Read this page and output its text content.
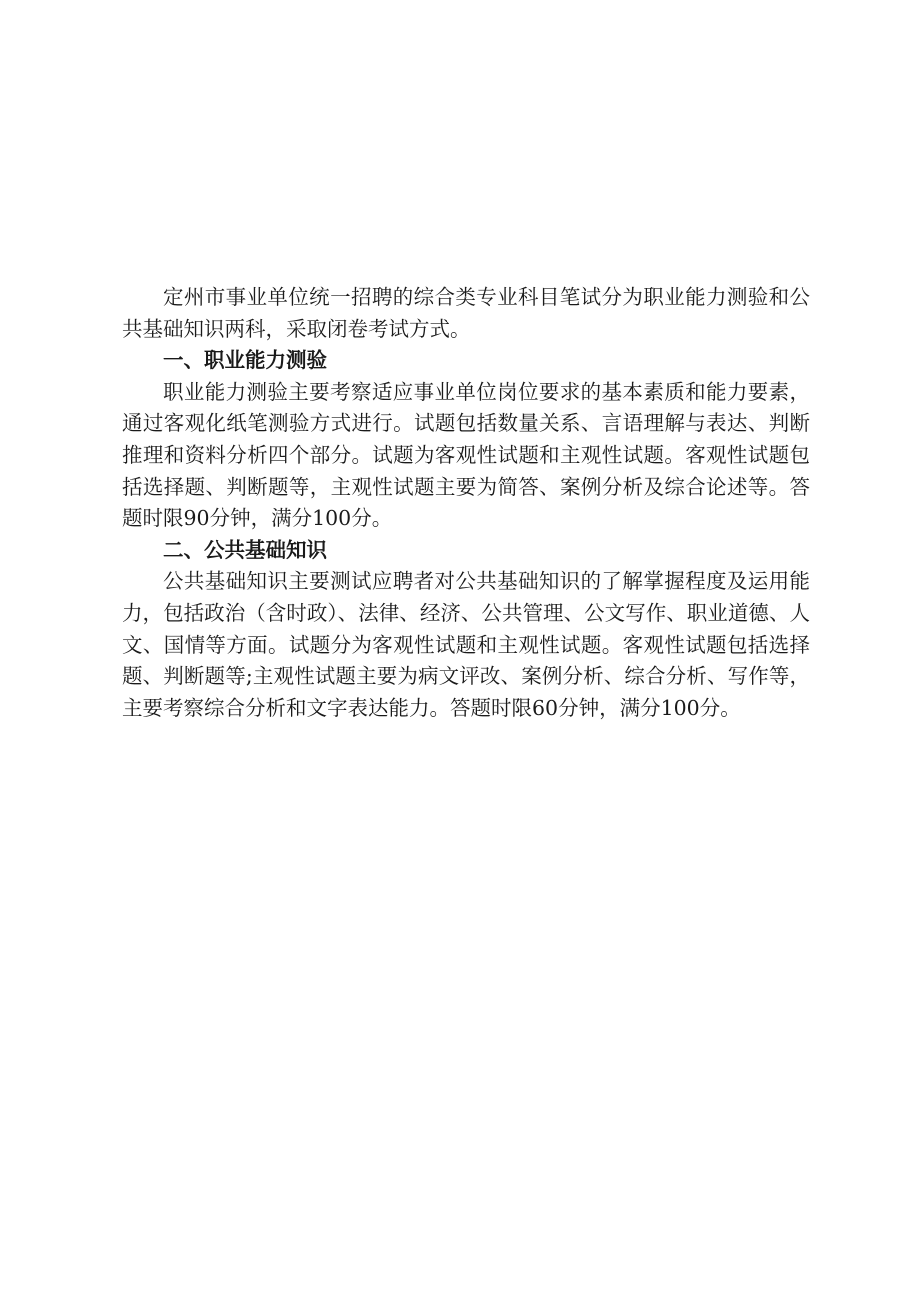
定州市事业单位统一招聘的综合类专业科目笔试分为职业能力测验和公共基础知识两科，采取闭卷考试方式。

一、职业能力测验

职业能力测验主要考察适应事业单位岗位要求的基本素质和能力要素，通过客观化纸笔测验方式进行。试题包括数量关系、言语理解与表达、判断推理和资料分析四个部分。试题为客观性试题和主观性试题。客观性试题包括选择题、判断题等，主观性试题主要为简答、案例分析及综合论述等。答题时限90分钟，满分100分。

二、公共基础知识

公共基础知识主要测试应聘者对公共基础知识的了解掌握程度及运用能力，包括政治（含时政）、法律、经济、公共管理、公文写作、职业道德、人文、国情等方面。试题分为客观性试题和主观性试题。客观性试题包括选择题、判断题等;主观性试题主要为病文评改、案例分析、综合分析、写作等，主要考察综合分析和文字表达能力。答题时限60分钟，满分100分。
